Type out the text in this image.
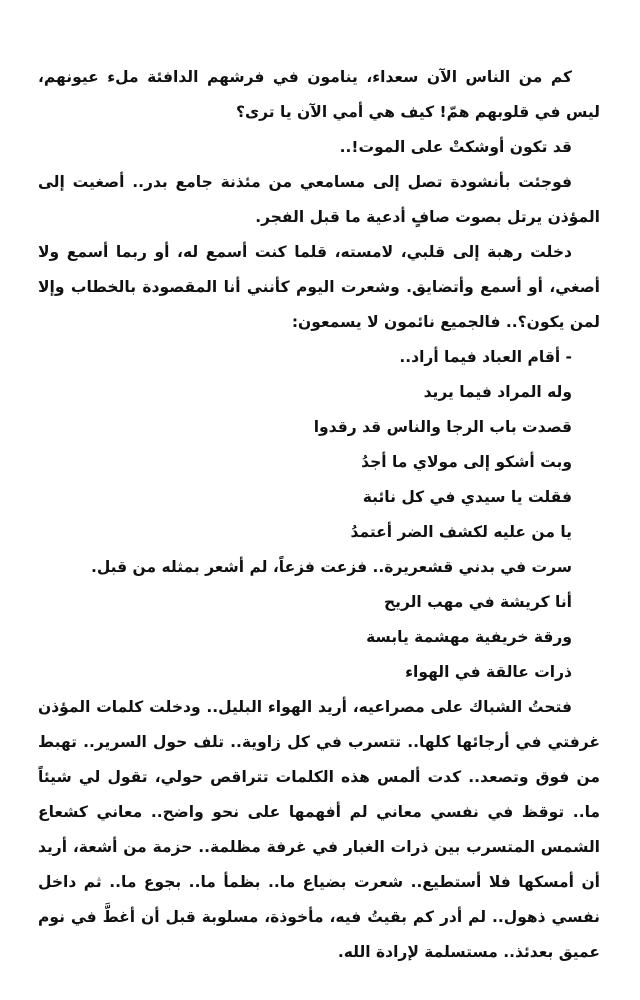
كم من الناس الآن سعداء، ينامون في فرشهم الدافئة ملء عيونهم، ليس في قلوبهم همّ! كيف هي أمي الآن يا ترى؟

قد تكون أوشكتْ على الموت!..

فوجئت بأنشودة تصل إلى مسامعي من مئذنة جامع بدر.. أصغيت إلى المؤذن يرتل بصوت صافٍ أدعية ما قبل الفجر.

دخلت رهبة إلى قلبي، لامسته، قلما كنت أسمع له، أو ربما أسمع ولا أصغي، أو أسمع وأتضايق. وشعرت اليوم كأنني أنا المقصودة بالخطاب وإلا لمن يكون؟.. فالجميع نائمون لا يسمعون:

- أقام العباد فيما أراد..

وله المراد فيما يريد

قصدت باب الرجا والناس قد رقدوا

وبت أشكو إلى مولاي ما أجدُ

فقلت يا سيدي في كل نائبة

يا من عليه لكشف الضر أعتمدُ

سرت في بدني قشعريرة.. فزعت فزعاً، لم أشعر بمثله من قبل.

أنا كريشة في مهب الريح

ورقة خريفية مهشمة يابسة

ذرات عالقة في الهواء

فتحتُ الشباك على مصراعيه، أريد الهواء البليل.. ودخلت كلمات المؤذن غرفتي في أرجائها كلها.. تتسرب في كل زاوية.. تلف حول السرير.. تهبط من فوق وتصعد.. كدت ألمس هذه الكلمات تتراقص حولي، تقول لي شيئاً ما.. توقظ في نفسي معاني لم أفهمها على نحو واضح.. معاني كشعاع الشمس المتسرب بين ذرات الغبار في غرفة مظلمة.. حزمة من أشعة، أريد أن أمسكها فلا أستطيع.. شعرت بضياع ما.. بظمأ ما.. بجوع ما.. ثم داخل نفسي ذهول.. لم أدر كم بقيتُ فيه، مأخوذة، مسلوبة قبل أن أغطَّ في نوم عميق بعدئذ.. مستسلمة لإرادة الله.
